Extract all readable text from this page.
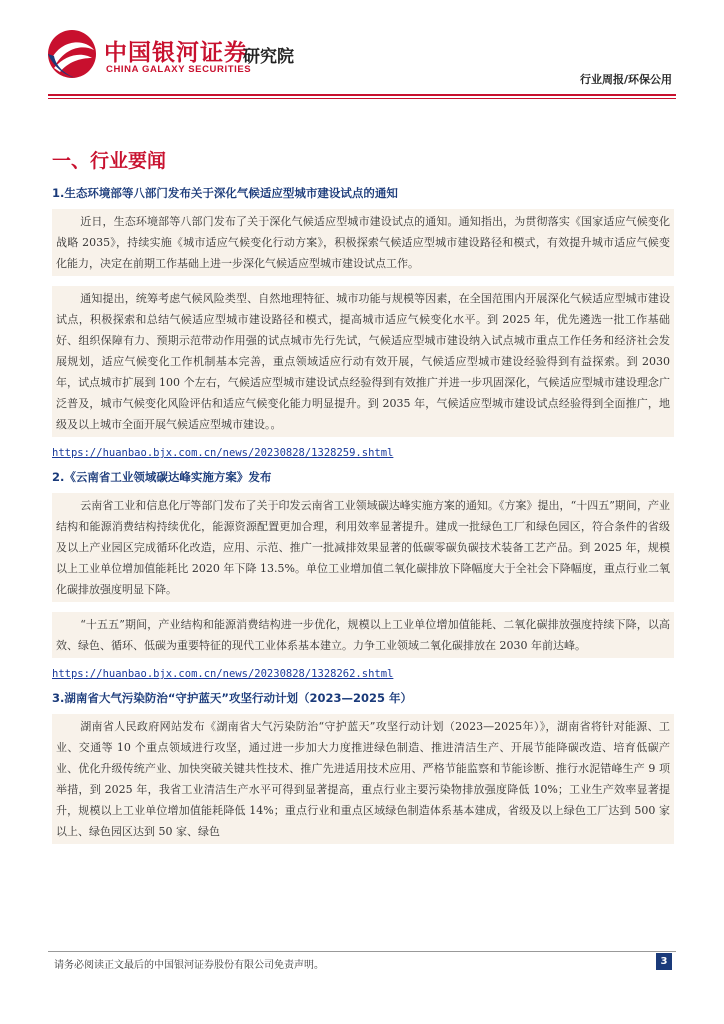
中国银河证券
CHINA GALAXY SECURITIES
研究院
行业周报/环保公用
一、行业要闻
1.生态环境部等八部门发布关于深化气候适应型城市建设试点的通知

近日，生态环境部等八部门发布了关于深化气候适应型城市建设试点的通知。通知指出，为贯彻落实《国家适应气候变化战略 2035》，持续实施《城市适应气候变化行动方案》，积极探索气候适应型城市建设路径和模式，有效提升城市适应气候变化能力，决定在前期工作基础上进一步深化气候适应型城市建设试点工作。

通知提出，统筹考虑气候风险类型、自然地理特征、城市功能与规模等因素，在全国范围内开展深化气候适应型城市建设试点，积极探索和总结气候适应型城市建设路径和模式，提高城市适应气候变化水平。到 2025 年，优先遴选一批工作基础好、组织保障有力、预期示范带动作用强的试点城市先行先试，气候适应型城市建设纳入试点城市重点工作任务和经济社会发展规划，适应气候变化工作机制基本完善，重点领域适应行动有效开展，气候适应型城市建设经验得到有益探索。到 2030 年，试点城市扩展到 100 个左右，气候适应型城市建设试点经验得到有效推广并进一步巩固深化，气候适应型城市建设理念广泛普及，城市气候变化风险评估和适应气候变化能力明显提升。到 2035 年，气候适应型城市建设试点经验得到全面推广，地级及以上城市全面开展气候适应型城市建设。。

https://huanbao.bjx.com.cn/news/20230828/1328259.shtml
2.《云南省工业领域碳达峰实施方案》发布

云南省工业和信息化厅等部门发布了关于印发云南省工业领域碳达峰实施方案的通知。《方案》提出，“十四五”期间，产业结构和能源消费结构持续优化，能源资源配置更加合理，利用效率显著提升。建成一批绿色工厂和绿色园区，符合条件的省级及以上产业园区完成循环化改造，应用、示范、推广一批减排效果显著的低碳零碳负碳技术装备工艺产品。到 2025 年，规模以上工业单位增加值能耗比 2020 年下降 13.5%。单位工业增加值二氧化碳排放下降幅度大于全社会下降幅度，重点行业二氧化碳排放强度明显下降。

“十五五”期间，产业结构和能源消费结构进一步优化，规模以上工业单位增加值能耗、二氧化碳排放强度持续下降，以高效、绿色、循环、低碳为重要特征的现代工业体系基本建立。力争工业领域二氧化碳排放在 2030 年前达峰。

https://huanbao.bjx.com.cn/news/20230828/1328262.shtml
3.湖南省大气污染防治“守护蓝天”攻坚行动计划（2023—2025 年）

湖南省人民政府网站发布《湖南省大气污染防治“守护蓝天”攻坚行动计划（2023—2025年）》，湖南省将针对能源、工业、交通等 10 个重点领域进行攻坚，通过进一步加大力度推进绿色制造、推进清洁生产、开展节能降碳改造、培育低碳产业、优化升级传统产业、加快突破关键共性技术、推广先进适用技术应用、严格节能监察和节能诊断、推行水泥错峰生产 9 项举措，到 2025 年，我省工业清洁生产水平可得到显著提高，重点行业主要污染物排放强度降低 10%；工业生产效率显著提升，规模以上工业单位增加值能耗降低 14%；重点行业和重点区域绿色制造体系基本建成，省级及以上绿色工厂达到 500 家以上、绿色园区达到 50 家、绿色

请务必阅读正文最后的中国银河证券股份有限公司免责声明。	3
